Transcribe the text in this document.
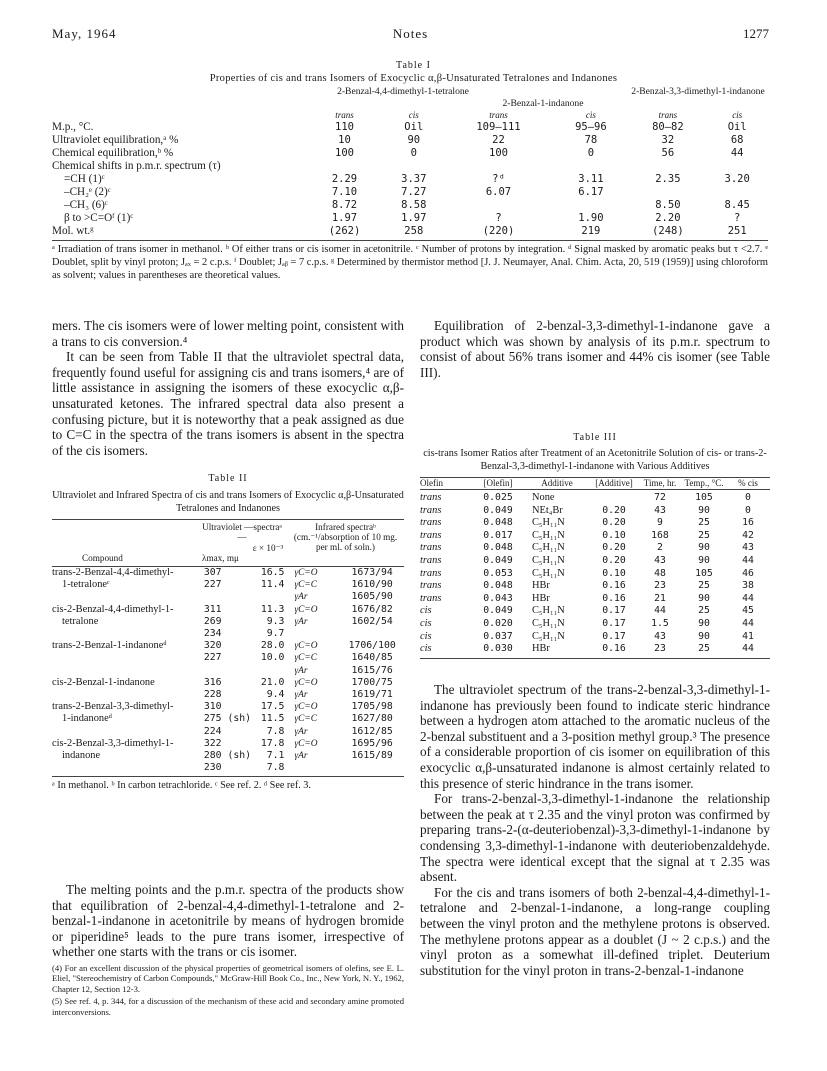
May, 1964	Notes	1277
Table I
Properties of cis and trans Isomers of Exocyclic α,β-Unsaturated Tetralones and Indanones
2-Benzal-4,4-dimethyl-1-tetralone
2-Benzal-1-indanone
2-Benzal-3,3-dimethyl-1-indanone
	trans	cis	trans	cis	trans	cis
M.p., °C.	110	Oil	109–111	95–96	80–82	Oil
Ultraviolet equilibration,ᵃ %	10	90	22	78	32	68
Chemical equilibration,ᵇ %	100	0	100	0	56	44
Chemical shifts in p.m.r. spectrum (τ)						
=CH (1)ᶜ	2.29	3.37	?ᵈ	3.11	2.35	3.20
–CH₂ᵉ (2)ᶜ	7.10	7.27	6.07	6.17		
–CH₃ (6)ᶜ	8.72	8.58			8.50	8.45
β to >C=Oᶠ (1)ᶜ	1.97	1.97	?	1.90	2.20	?
Mol. wt.ᵍ	(262)	258	(220)	219	(248)	251
ᵃ Irradiation of trans isomer in methanol. ᵇ Of either trans or cis isomer in acetonitrile. ᶜ Number of protons by integration. ᵈ Signal masked by aromatic peaks but τ <2.7. ᵉ Doublet, split by vinyl proton; Jₐₓ = 2 c.p.s. ᶠ Doublet; Jₐᵦ = 7 c.p.s. ᵍ Determined by thermistor method [J. J. Neumayer, Anal. Chim. Acta, 20, 519 (1959)] using chloroform as solvent; values in parentheses are theoretical values.

mers. The cis isomers were of lower melting point, consistent with a trans to cis conversion.⁴

It can be seen from Table II that the ultraviolet spectral data, frequently found useful for assigning cis and trans isomers,⁴ are of little assistance in assigning the isomers of these exocyclic α,β-unsaturated ketones. The infrared spectral data also present a confusing picture, but it is noteworthy that a peak assigned as due to C=C in the spectra of the trans isomers is absent in the spectra of the cis isomers.

Table II
Ultraviolet and Infrared Spectra of cis and trans Isomers of Exocyclic α,β-Unsaturated Tetralones and Indanones
Ultraviolet —spectraᵃ—
Infrared spectraᵇ (cm.⁻¹/absorption of 10 mg. per ml. of soln.)
Compound	λmax, mμ
ε × 10⁻³
trans-2-Benzal-4,4-dimethyl-	307	16.5	γC=O	1673/94
1-tetraloneᶜ	227	11.4	γC=C	1610/90
			γAr	1605/90
cis-2-Benzal-4,4-dimethyl-1-	311	11.3	γC=O	1676/82
tetralone	269	9.3	γAr	1602/54
	234	9.7		
trans-2-Benzal-1-indanoneᵈ	320	28.0	γC=O	1706/100
	227	10.0	γC=C	1640/85
			γAr	1615/76
cis-2-Benzal-1-indanone	316	21.0	γC=O	1700/75
	228	9.4	γAr	1619/71
trans-2-Benzal-3,3-dimethyl-	310	17.5	γC=O	1705/98
1-indanoneᵈ	275 (sh)	11.5	γC=C	1627/80
	224	7.8	γAr	1612/85
cis-2-Benzal-3,3-dimethyl-1-	322	17.8	γC=O	1695/96
indanone	280 (sh)	7.1	γAr	1615/89
	230	7.8		
ᵃ In methanol. ᵇ In carbon tetrachloride. ᶜ See ref. 2. ᵈ See ref. 3.

The melting points and the p.m.r. spectra of the products show that equilibration of 2-benzal-4,4-dimethyl-1-tetralone and 2-benzal-1-indanone in acetonitrile by means of hydrogen bromide or piperidine⁵ leads to the pure trans isomer, irrespective of whether one starts with the trans or cis isomer.

(4) For an excellent discussion of the physical properties of geometrical isomers of olefins, see E. L. Eliel, "Stereochemistry of Carbon Compounds," McGraw-Hill Book Co., Inc., New York, N. Y., 1962, Chapter 12, Section 12-3.

(5) See ref. 4, p. 344, for a discussion of the mechanism of these acid and secondary amine promoted interconversions.

Equilibration of 2-benzal-3,3-dimethyl-1-indanone gave a product which was shown by analysis of its p.m.r. spectrum to consist of about 56% trans isomer and 44% cis isomer (see Table III).

Table III
cis-trans Isomer Ratios after Treatment of an Acetonitrile Solution of cis- or trans-2-Benzal-3,3-dimethyl-1-indanone with Various Additives
Olefin	[Olefin]	Additive	[Additive]	Time, hr.	Temp., °C.	% cis

trans	0.025	None		72	105	0
trans	0.049	NEt₄Br	0.20	43	90	0
trans	0.048	C₅H₁₁N	0.20	9	25	16
trans	0.017	C₅H₁₁N	0.10	168	25	42
trans	0.048	C₅H₁₁N	0.20	2	90	43
trans	0.049	C₅H₁₁N	0.20	43	90	44
trans	0.053	C₅H₁₁N	0.10	48	105	46
trans	0.048	HBr	0.16	23	25	38
trans	0.043	HBr	0.16	21	90	44
cis	0.049	C₅H₁₁N	0.17	44	25	45
cis	0.020	C₅H₁₁N	0.17	1.5	90	44
cis	0.037	C₅H₁₁N	0.17	43	90	41
cis	0.030	HBr	0.16	23	25	44

The ultraviolet spectrum of the trans-2-benzal-3,3-dimethyl-1-indanone has previously been found to indicate steric hindrance between a hydrogen atom attached to the aromatic nucleus of the 2-benzal substituent and a 3-position methyl group.³ The presence of a considerable proportion of cis isomer on equilibration of this exocyclic α,β-unsaturated indanone is almost certainly related to this presence of steric hindrance in the trans isomer.

For trans-2-benzal-3,3-dimethyl-1-indanone the relationship between the peak at τ 2.35 and the vinyl proton was confirmed by preparing trans-2-(α-deuteriobenzal)-3,3-dimethyl-1-indanone by condensing 3,3-dimethyl-1-indanone with deuteriobenzaldehyde. The spectra were identical except that the signal at τ 2.35 was absent.

For the cis and trans isomers of both 2-benzal-4,4-dimethyl-1-tetralone and 2-benzal-1-indanone, a long-range coupling between the vinyl proton and the methylene protons is observed. The methylene protons appear as a doublet (J ~ 2 c.p.s.) and the vinyl proton as a somewhat ill-defined triplet. Deuterium substitution for the vinyl proton in trans-2-benzal-1-indanone
